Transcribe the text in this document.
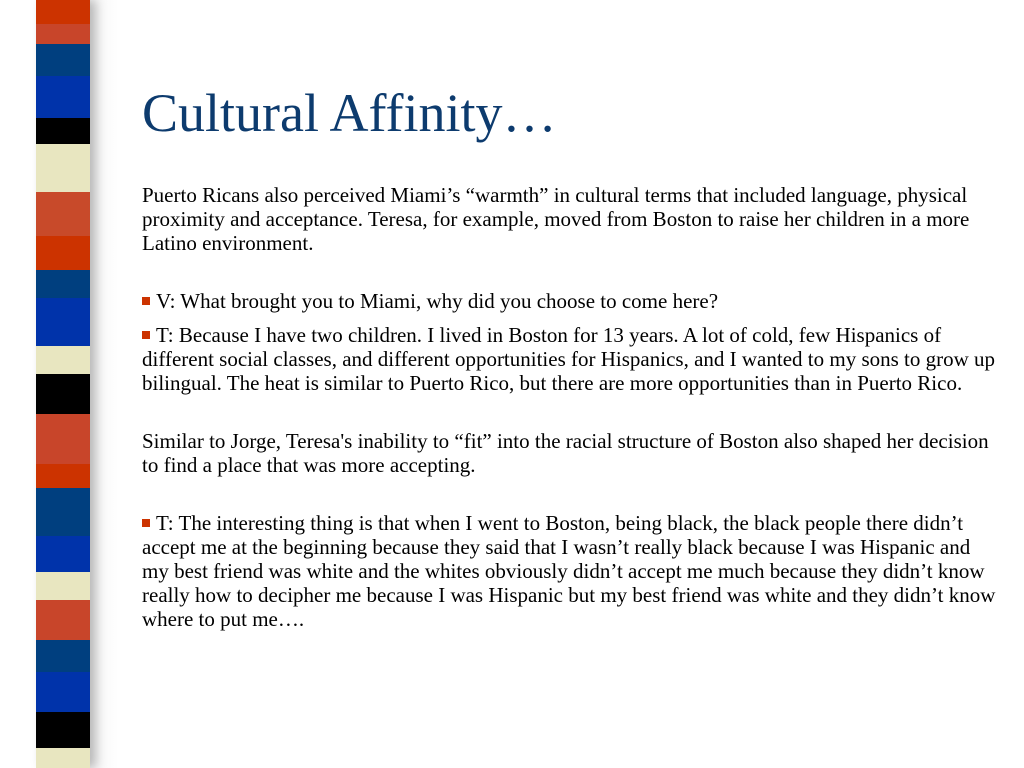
Cultural Affinity…

Puerto Ricans also perceived Miami’s “warmth” in cultural terms that included language, physical proximity and acceptance. Teresa, for example, moved from Boston to raise her children in a more Latino environment.

V: What brought you to Miami, why did you choose to come here?

T: Because I have two children. I lived in Boston for 13 years. A lot of cold, few Hispanics of different social classes, and different opportunities for Hispanics, and I wanted to my sons to grow up bilingual. The heat is similar to Puerto Rico, but there are more opportunities than in Puerto Rico.

Similar to Jorge, Teresa's inability to “fit” into the racial structure of Boston also shaped her decision to find a place that was more accepting.

T: The interesting thing is that when I went to Boston, being black, the black people there didn’t accept me at the beginning because they said that I wasn’t really black because I was Hispanic and my best friend was white and the whites obviously didn’t accept me much because they didn’t know really how to decipher me because I was Hispanic but my best friend was white and they didn’t know where to put me….
